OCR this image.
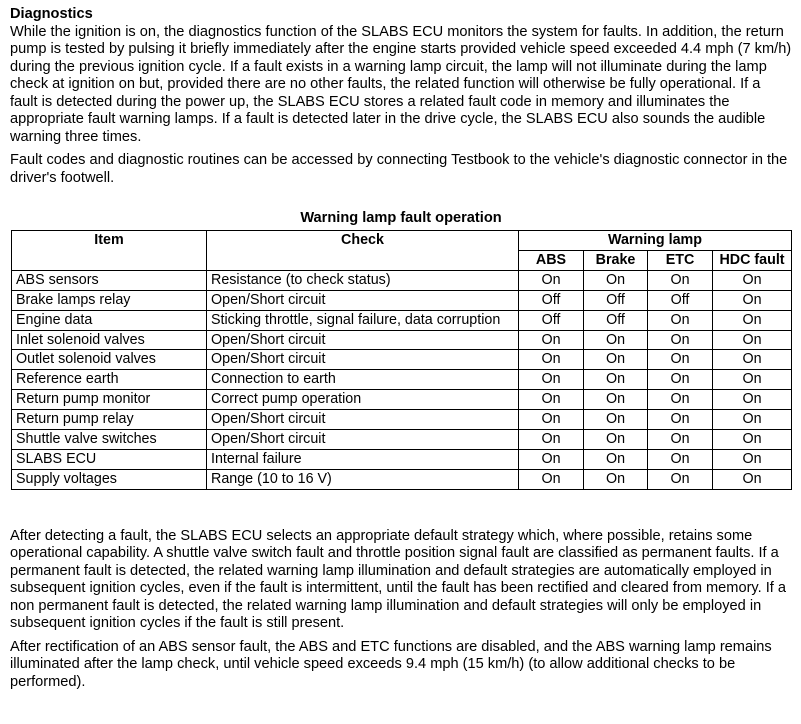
Diagnostics

While the ignition is on, the diagnostics function of the SLABS ECU monitors the system for faults. In addition, the return pump is tested by pulsing it briefly immediately after the engine starts provided vehicle speed exceeded 4.4 mph (7 km/h) during the previous ignition cycle. If a fault exists in a warning lamp circuit, the lamp will not illuminate during the lamp check at ignition on but, provided there are no other faults, the related function will otherwise be fully operational. If a fault is detected during the power up, the SLABS ECU stores a related fault code in memory and illuminates the appropriate fault warning lamps. If a fault is detected later in the drive cycle, the SLABS ECU also sounds the audible warning three times.

Fault codes and diagnostic routines can be accessed by connecting Testbook to the vehicle's diagnostic connector in the driver's footwell.

Warning lamp fault operation
Item	Check	Warning lamp			
		ABS	Brake	ETC	HDC fault
ABS sensors	Resistance (to check status)	On	On	On	On
Brake lamps relay	Open/Short circuit	Off	Off	Off	On
Engine data	Sticking throttle, signal failure, data corruption	Off	Off	On	On
Inlet solenoid valves	Open/Short circuit	On	On	On	On
Outlet solenoid valves	Open/Short circuit	On	On	On	On
Reference earth	Connection to earth	On	On	On	On
Return pump monitor	Correct pump operation	On	On	On	On
Return pump relay	Open/Short circuit	On	On	On	On
Shuttle valve switches	Open/Short circuit	On	On	On	On
SLABS ECU	Internal failure	On	On	On	On
Supply voltages	Range (10 to 16 V)	On	On	On	On

After detecting a fault, the SLABS ECU selects an appropriate default strategy which, where possible, retains some operational capability. A shuttle valve switch fault and throttle position signal fault are classified as permanent faults. If a permanent fault is detected, the related warning lamp illumination and default strategies are automatically employed in subsequent ignition cycles, even if the fault is intermittent, until the fault has been rectified and cleared from memory. If a non permanent fault is detected, the related warning lamp illumination and default strategies will only be employed in subsequent ignition cycles if the fault is still present.

After rectification of an ABS sensor fault, the ABS and ETC functions are disabled, and the ABS warning lamp remains illuminated after the lamp check, until vehicle speed exceeds 9.4 mph (15 km/h) (to allow additional checks to be performed).
